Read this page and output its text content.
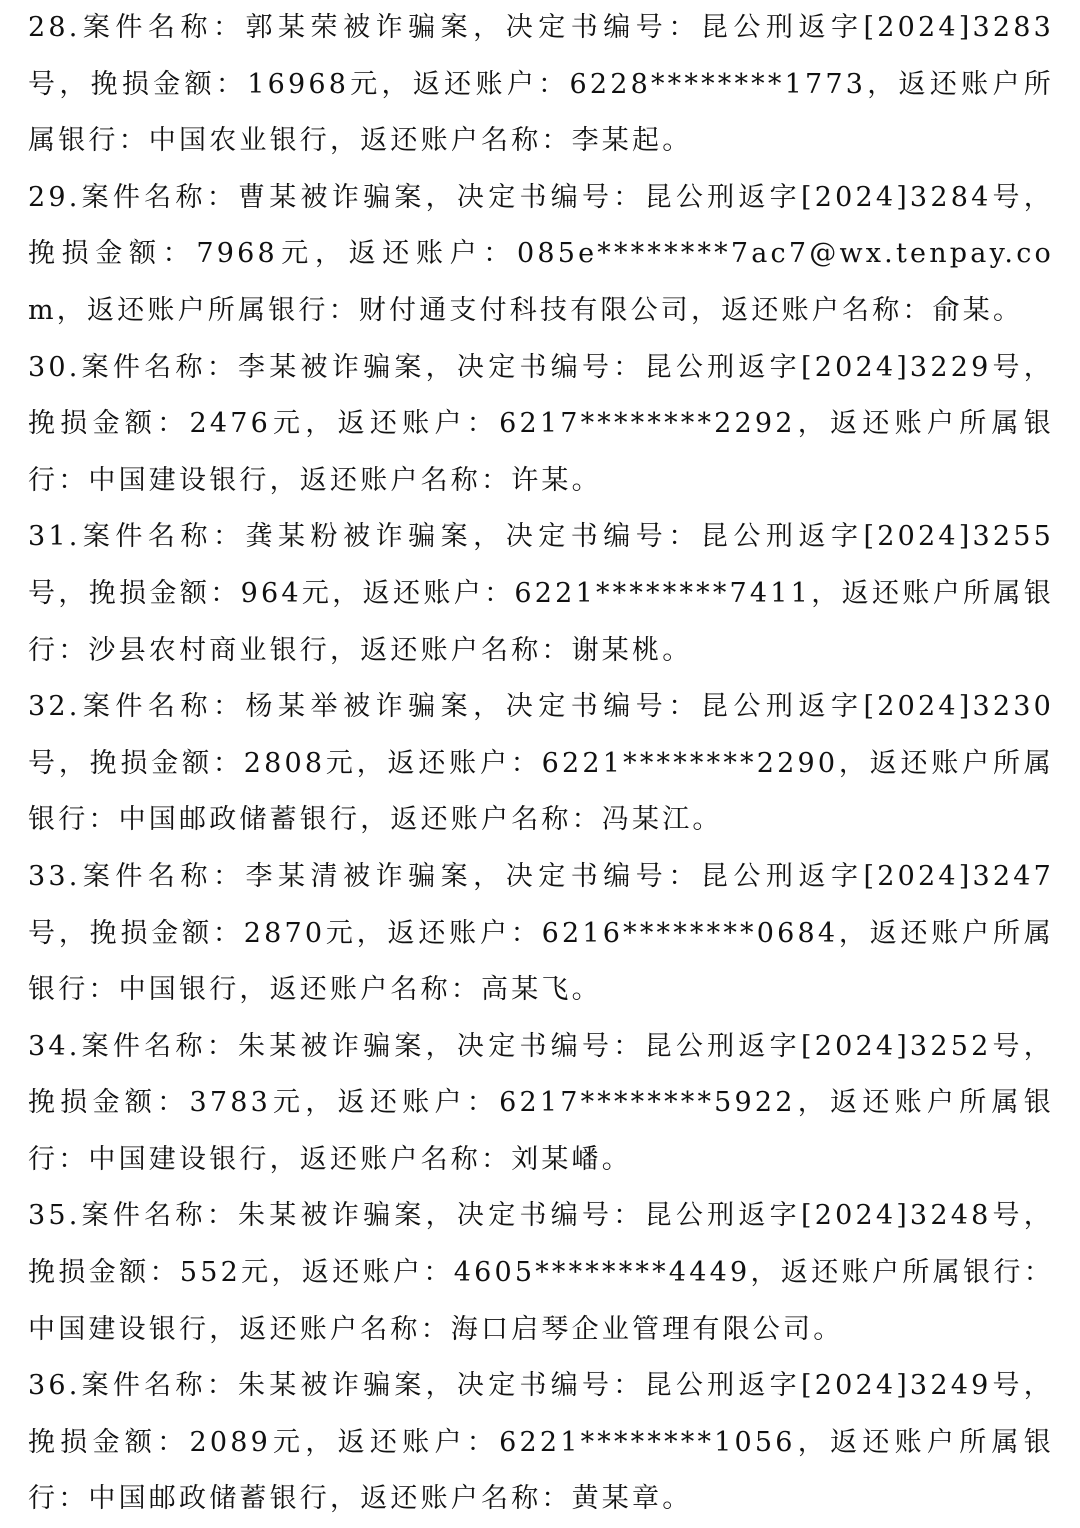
28.案件名称：郭某荣被诈骗案，决定书编号：昆公刑返字[2024]3283号，挽损金额：16968元，返还账户：6228********1773，返还账户所属银行：中国农业银行，返还账户名称：李某起。

29.案件名称：曹某被诈骗案，决定书编号：昆公刑返字[2024]3284号，挽损金额：7968元，返还账户：085e********7ac7@wx.tenpay.com，返还账户所属银行：财付通支付科技有限公司，返还账户名称：俞某。

30.案件名称：李某被诈骗案，决定书编号：昆公刑返字[2024]3229号，挽损金额：2476元，返还账户：6217********2292，返还账户所属银行：中国建设银行，返还账户名称：许某。

31.案件名称：龚某粉被诈骗案，决定书编号：昆公刑返字[2024]3255号，挽损金额：964元，返还账户：6221********7411，返还账户所属银行：沙县农村商业银行，返还账户名称：谢某桃。

32.案件名称：杨某举被诈骗案，决定书编号：昆公刑返字[2024]3230号，挽损金额：2808元，返还账户：6221********2290，返还账户所属银行：中国邮政储蓄银行，返还账户名称：冯某江。

33.案件名称：李某清被诈骗案，决定书编号：昆公刑返字[2024]3247号，挽损金额：2870元，返还账户：6216********0684，返还账户所属银行：中国银行，返还账户名称：高某飞。

34.案件名称：朱某被诈骗案，决定书编号：昆公刑返字[2024]3252号，挽损金额：3783元，返还账户：6217********5922，返还账户所属银行：中国建设银行，返还账户名称：刘某嶓。

35.案件名称：朱某被诈骗案，决定书编号：昆公刑返字[2024]3248号，挽损金额：552元，返还账户：4605********4449，返还账户所属银行：中国建设银行，返还账户名称：海口启琴企业管理有限公司。

36.案件名称：朱某被诈骗案，决定书编号：昆公刑返字[2024]3249号，挽损金额：2089元，返还账户：6221********1056，返还账户所属银行：中国邮政储蓄银行，返还账户名称：黄某章。
